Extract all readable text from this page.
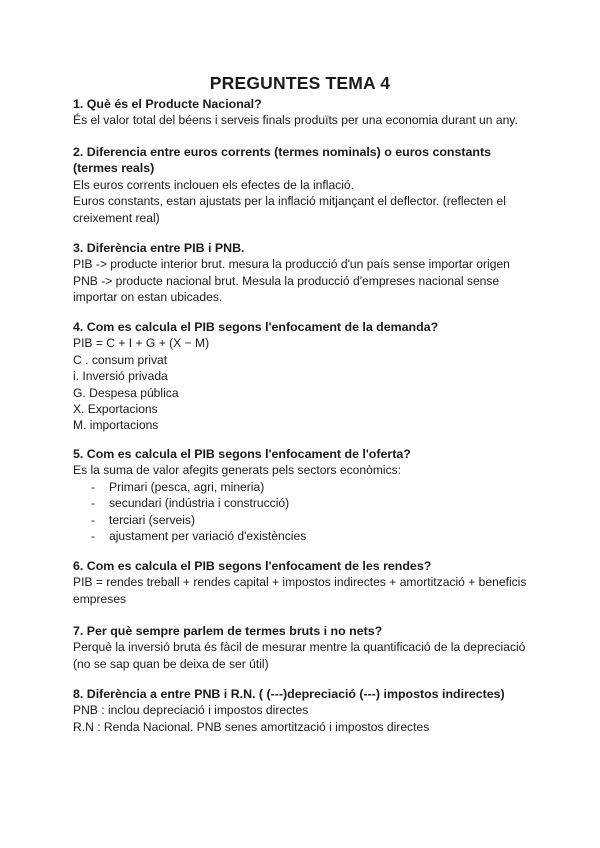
PREGUNTES TEMA 4

1. Què és el Producte Nacional?

És el valor total del béens i serveis finals produïts per una economia durant un any.

2. Diferencia entre euros corrents (termes nominals) o euros constants (termes reals)

Els euros corrents inclouen els efectes de la inflació.

Euros constants, estan ajustats per la inflació mitjançant el deflector. (reflecten el creixement real)

3. Diferència entre PIB i PNB.

PIB -> producte interior brut. mesura la producció d'un país sense importar origen

PNB -> producte nacional brut. Mesula la producció d'empreses nacional sense importar on estan ubicades.

4. Com es calcula el PIB segons l'enfocament de la demanda?

PIB = C + I + G + (X − M)

C . consum privat

i. Inversió privada

G. Despesa pública

X. Exportacions

M. importacions

5. Com es calcula el PIB segons l'enfocament de l'oferta?

Es la suma de valor afegits generats pels sectors econòmics:

- Primari (pesca, agri, mineria)
- secundari (indústria i construcció)
- terciari (serveis)
- ajustament per variació d'existències

6. Com es calcula el PIB segons l'enfocament de les rendes?

PIB = rendes treball + rendes capital + impostos indirectes + amortització + beneficis empreses

7. Per què sempre parlem de termes bruts i no nets?

Perquè la inversió bruta és fàcil de mesurar mentre la quantificació de la depreciació (no se sap quan be deixa de ser útil)

8. Diferència a entre PNB i R.N. ( (---)depreciació (---) impostos indirectes)

PNB : inclou depreciació i impostos directes

R.N : Renda Nacional. PNB senes amortització i impostos directes
